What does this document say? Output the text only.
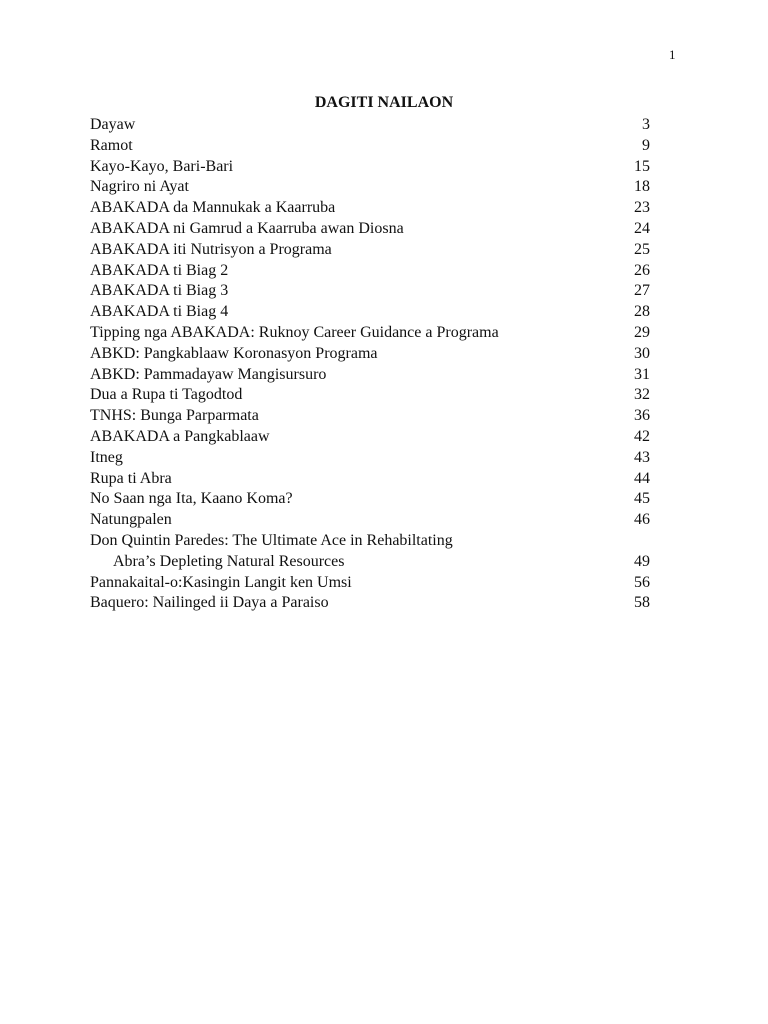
1
DAGITI NAILAON
Dayaw	3
Ramot	9
Kayo-Kayo, Bari-Bari	15
Nagriro ni Ayat	18
ABAKADA da Mannukak a Kaarruba	23
ABAKADA ni Gamrud a Kaarruba awan Diosna	24
ABAKADA iti Nutrisyon a Programa	25
ABAKADA ti Biag 2	26
ABAKADA ti Biag 3	27
ABAKADA ti Biag 4	28
Tipping nga ABAKADA: Ruknoy Career Guidance a Programa	29
ABKD: Pangkablaaw Koronasyon Programa	30
ABKD: Pammadayaw Mangisursuro	31
Dua a Rupa ti Tagodtod	32
TNHS: Bunga Parparmata	36
ABAKADA a Pangkablaaw	42
Itneg	43
Rupa ti Abra	44
No Saan nga Ita, Kaano Koma?	45
Natungpalen	46
Don Quintin Paredes: The Ultimate Ace in Rehabiltating
Abra’s Depleting Natural Resources	49
Pannakaital-o:Kasingin Langit ken Umsi	56
Baquero: Nailinged ii Daya a Paraiso	58
